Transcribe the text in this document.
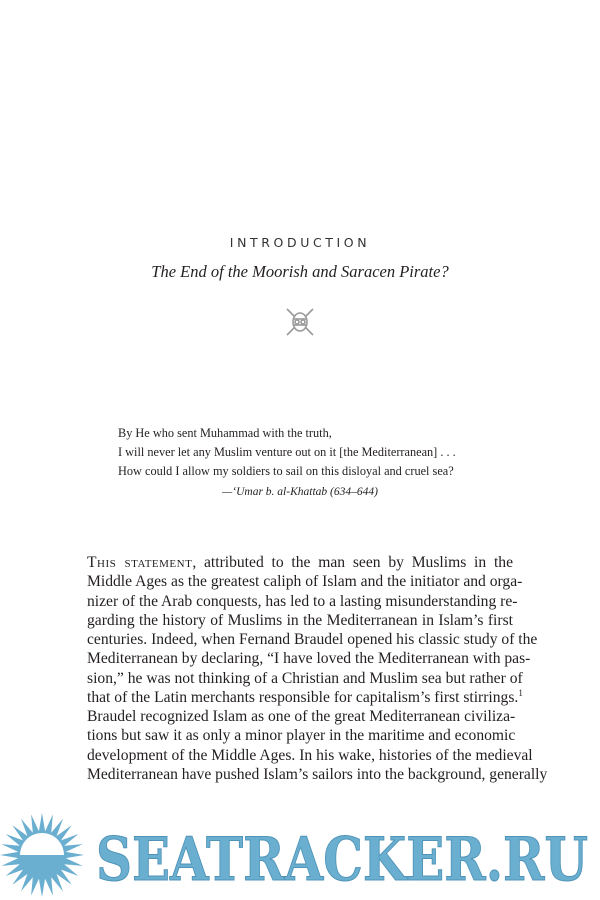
INTRODUCTION
The End of the Moorish and Saracen Pirate?
By He who sent Muhammad with the truth,
I will never let any Muslim venture out on it [the Mediterranean] . . .
How could I allow my soldiers to sail on this disloyal and cruel sea?
—‘Umar b. al-Khattab (634–644)
This statement, attributed to the man seen by Muslims in the
Middle Ages as the greatest caliph of Islam and the initiator and orga-
nizer of the Arab conquests, has led to a lasting misunderstanding re-
garding the history of Muslims in the Mediterranean in Islam’s first
centuries. Indeed, when Fernand Braudel opened his classic study of the
Mediterranean by declaring, “I have loved the Mediterranean with pas-
sion,” he was not thinking of a Christian and Muslim sea but rather of
that of the Latin merchants responsible for capitalism’s first stirrings.$^1$
Braudel recognized Islam as one of the great Mediterranean civiliza-
tions but saw it as only a minor player in the maritime and economic
development of the Middle Ages. In his wake, histories of the medieval
Mediterranean have pushed Islam’s sailors into the background, generally
SEATRACKER.RU
